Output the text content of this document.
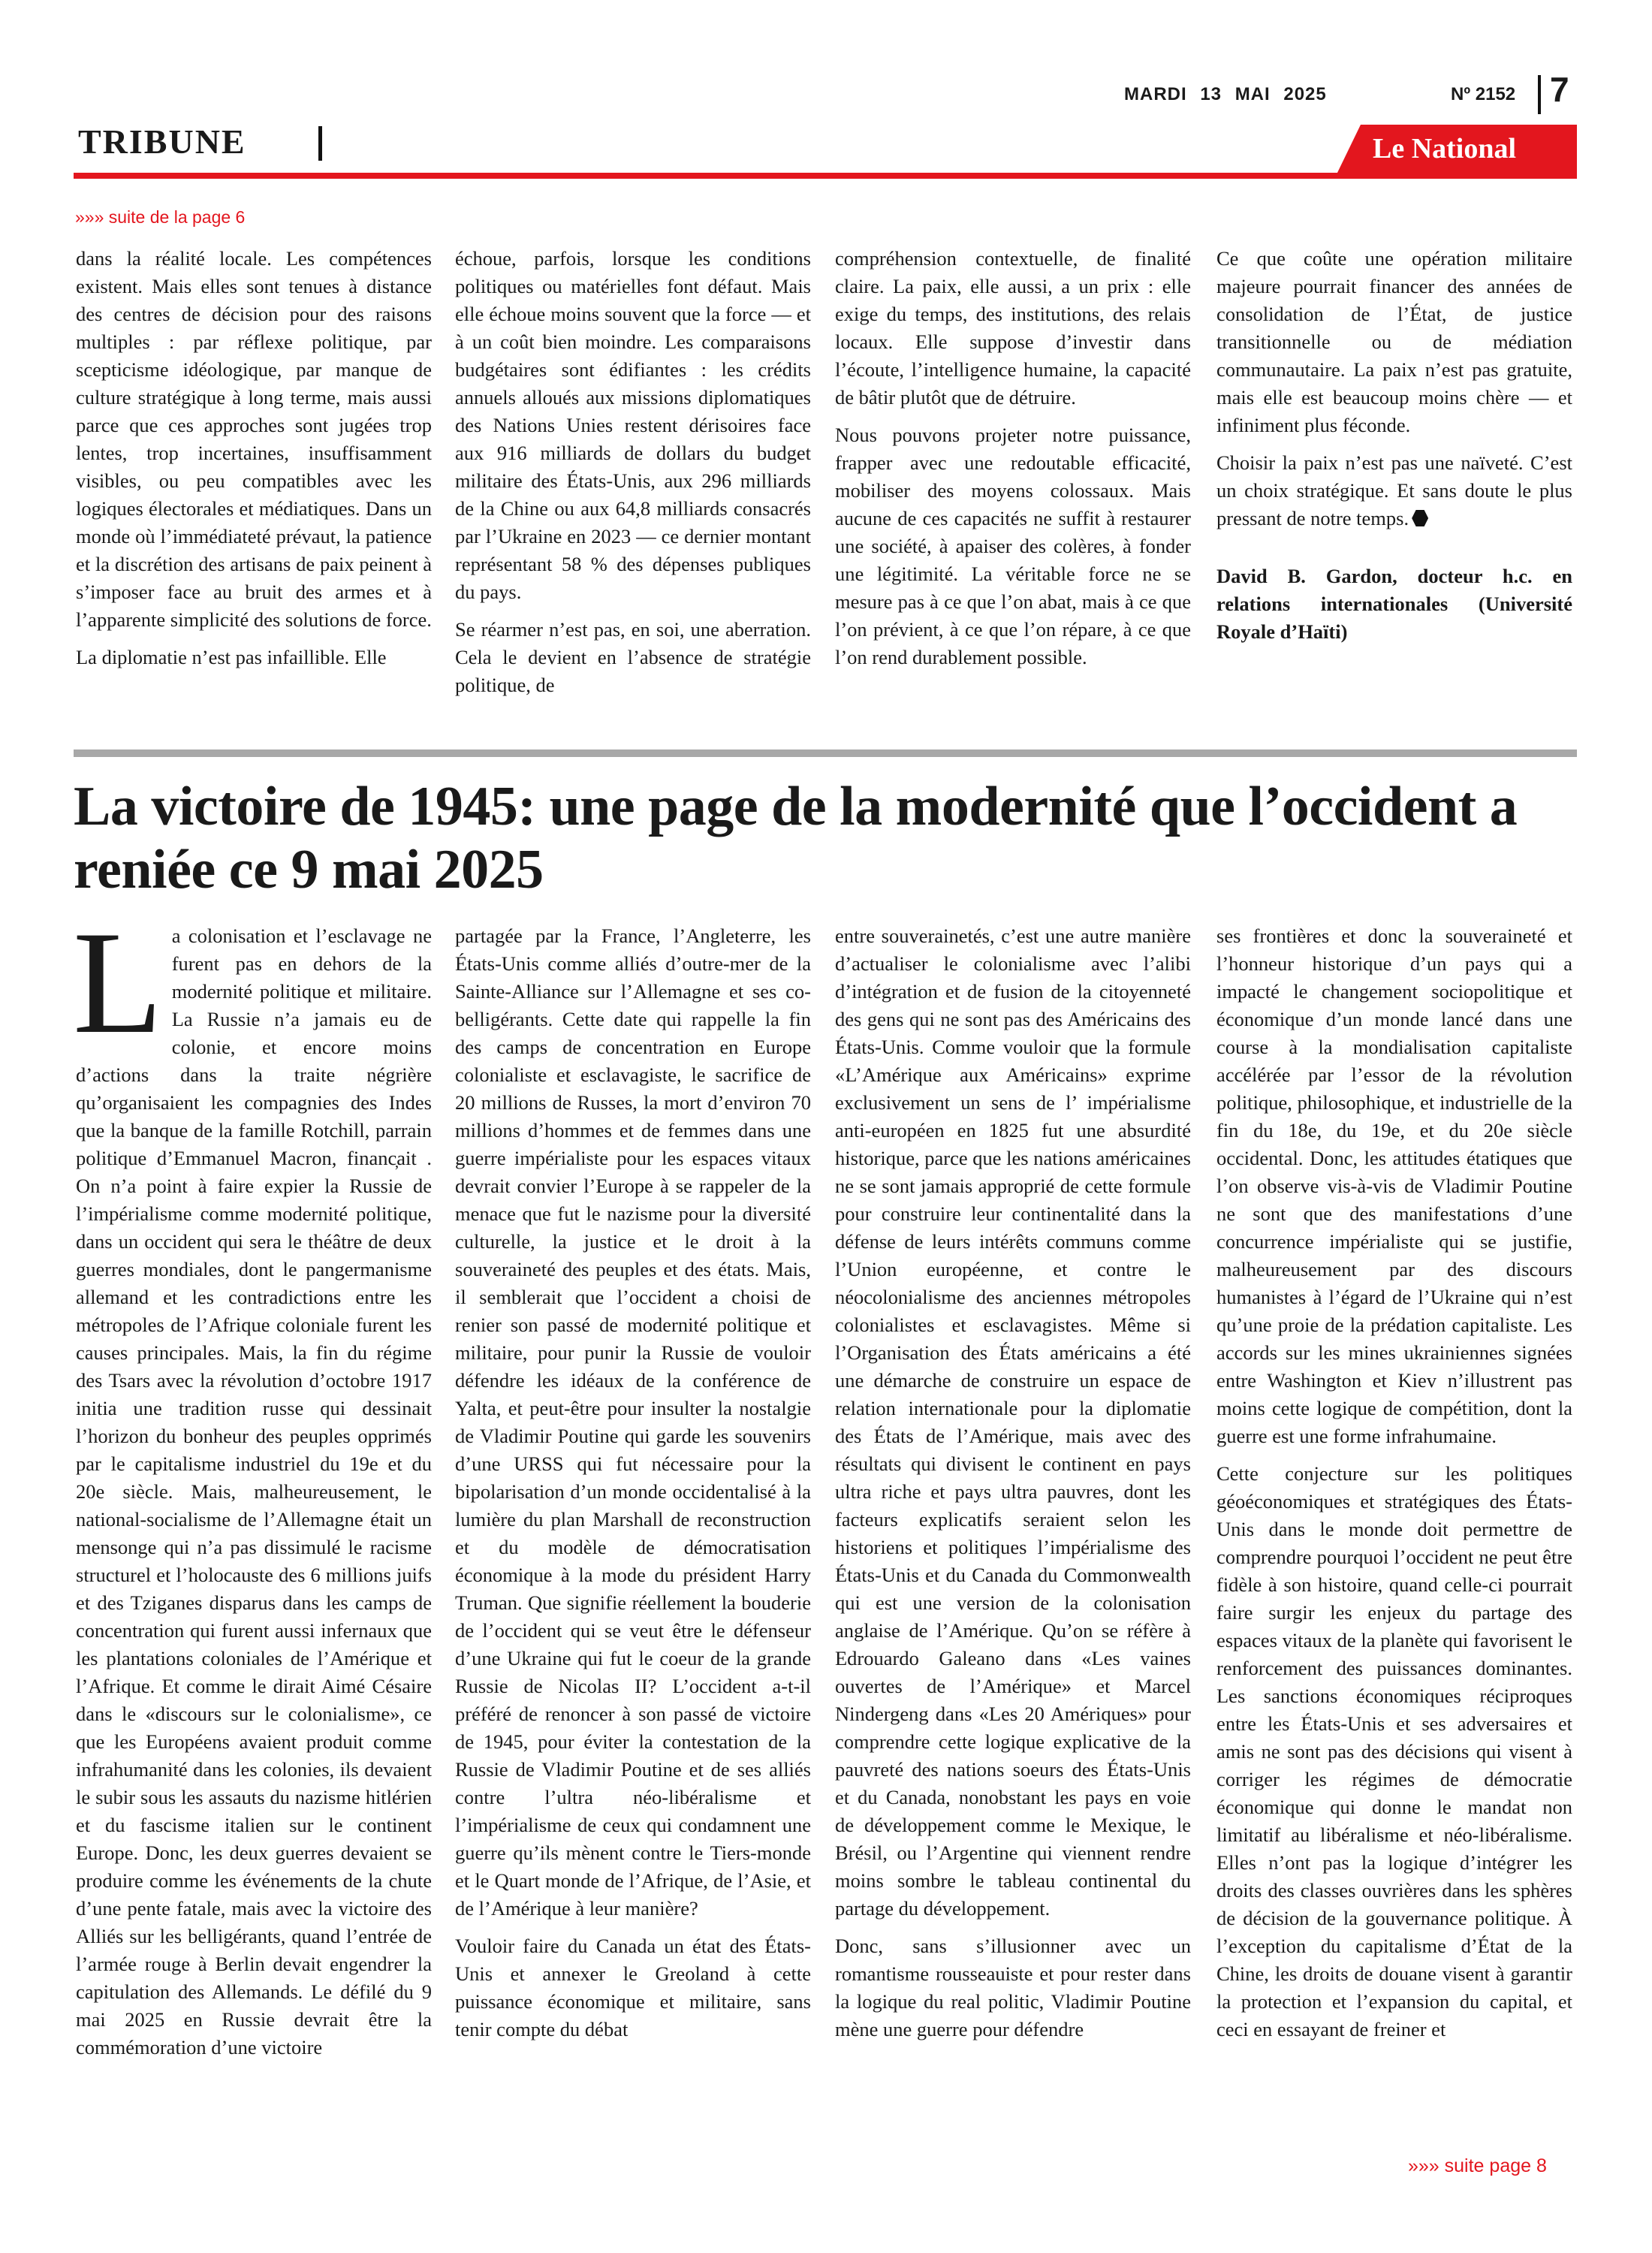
MARDI 13 MAI 2025	Nº 2152 7
TRIBUNE	Le National
»»» suite de la page 6

dans la réalité locale. Les compétences existent. Mais elles sont tenues à distance des centres de décision pour des raisons multiples : par réflexe politique, par scepticisme idéologique, par manque de culture stratégique à long terme, mais aussi parce que ces approches sont jugées trop lentes, trop incertaines, insuffisamment visibles, ou peu compatibles avec les logiques électorales et médiatiques. Dans un monde où l’immédiateté prévaut, la patience et la discrétion des artisans de paix peinent à s’imposer face au bruit des armes et à l’apparente simplicité des solutions de force.

La diplomatie n’est pas infaillible. Elle

échoue, parfois, lorsque les conditions politiques ou matérielles font défaut. Mais elle échoue moins souvent que la force — et à un coût bien moindre. Les comparaisons budgétaires sont édifiantes : les crédits annuels alloués aux missions diplomatiques des Nations Unies restent dérisoires face aux 916 milliards de dollars du budget militaire des États-Unis, aux 296 milliards de la Chine ou aux 64,8 milliards consacrés par l’Ukraine en 2023 — ce dernier montant représentant 58 % des dépenses publiques du pays.

Se réarmer n’est pas, en soi, une aberration. Cela le devient en l’absence de stratégie politique, de

compréhension contextuelle, de finalité claire. La paix, elle aussi, a un prix : elle exige du temps, des institutions, des relais locaux. Elle suppose d’investir dans l’écoute, l’intelligence humaine, la capacité de bâtir plutôt que de détruire.

Nous pouvons projeter notre puissance, frapper avec une redoutable efficacité, mobiliser des moyens colossaux. Mais aucune de ces capacités ne suffit à restaurer une société, à apaiser des colères, à fonder une légitimité. La véritable force ne se mesure pas à ce que l’on abat, mais à ce que l’on prévient, à ce que l’on répare, à ce que l’on rend durablement possible.

Ce que coûte une opération militaire majeure pourrait financer des années de consolidation de l’État, de justice transitionnelle ou de médiation communautaire. La paix n’est pas gratuite, mais elle est beaucoup moins chère — et infiniment plus féconde.

Choisir la paix n’est pas une naïveté. C’est un choix stratégique. Et sans doute le plus pressant de notre temps.

David B. Gardon, docteur h.c. en relations internationales (Université Royale d’Haïti)

La victoire de 1945: une page de la modernité que l’occident a reniée ce 9 mai 2025

La colonisation et l’esclavage ne furent pas en dehors de la modernité politique et militaire. La Russie n’a jamais eu de colonie, et encore moins d’actions dans la traite négrière qu’organisaient les compagnies des Indes que la banque de la famille Rotchill, parrain politique d’Emmanuel Macron, financ̦ait . On n’a point à faire expier la Russie de l’impérialisme comme modernité politique, dans un occident qui sera le théâtre de deux guerres mondiales, dont le pangermanisme allemand et les contradictions entre les métropoles de l’Afrique coloniale furent les causes principales. Mais, la fin du régime des Tsars avec la révolution d’octobre 1917 initia une tradition russe qui dessinait l’horizon du bonheur des peuples opprimés par le capitalisme industriel du 19e et du 20e siècle. Mais, malheureusement, le national-socialisme de l’Allemagne était un mensonge qui n’a pas dissimulé le racisme structurel et l’holocauste des 6 millions juifs et des Tziganes disparus dans les camps de concentration qui furent aussi infernaux que les plantations coloniales de l’Amérique et l’Afrique. Et comme le dirait Aimé Césaire dans le «discours sur le colonialisme», ce que les Européens avaient produit comme infrahumanité dans les colonies, ils devaient le subir sous les assauts du nazisme hitlérien et du fascisme italien sur le continent Europe. Donc, les deux guerres devaient se produire comme les événements de la chute d’une pente fatale, mais avec la victoire des Alliés sur les belligérants, quand l’entrée de l’armée rouge à Berlin devait engendrer la capitulation des Allemands. Le défilé du 9 mai 2025 en Russie devrait être la commémoration d’une victoire

partagée par la France, l’Angleterre, les États-Unis comme alliés d’outre-mer de la Sainte-Alliance sur l’Allemagne et ses co-belligérants. Cette date qui rappelle la fin des camps de concentration en Europe colonialiste et esclavagiste, le sacrifice de 20 millions de Russes, la mort d’environ 70 millions d’hommes et de femmes dans une guerre impérialiste pour les espaces vitaux devrait convier l’Europe à se rappeler de la menace que fut le nazisme pour la diversité culturelle, la justice et le droit à la souveraineté des peuples et des états. Mais, il semblerait que l’occident a choisi de renier son passé de modernité politique et militaire, pour punir la Russie de vouloir défendre les idéaux de la conférence de Yalta, et peut-être pour insulter la nostalgie de Vladimir Poutine qui garde les souvenirs d’une URSS qui fut nécessaire pour la bipolarisation d’un monde occidentalisé à la lumière du plan Marshall de reconstruction et du modèle de démocratisation économique à la mode du président Harry Truman. Que signifie réellement la bouderie de l’occident qui se veut être le défenseur d’une Ukraine qui fut le coeur de la grande Russie de Nicolas II? L’occident a-t-il préféré de renoncer à son passé de victoire de 1945, pour éviter la contestation de la Russie de Vladimir Poutine et de ses alliés contre l’ultra néo-libéralisme et l’impérialisme de ceux qui condamnent une guerre qu’ils mènent contre le Tiers-monde et le Quart monde de l’Afrique, de l’Asie, et de l’Amérique à leur manière?

Vouloir faire du Canada un état des États-Unis et annexer le Greoland à cette puissance économique et militaire, sans tenir compte du débat

entre souverainetés, c’est une autre manière d’actualiser le colonialisme avec l’alibi d’intégration et de fusion de la citoyenneté des gens qui ne sont pas des Américains des États-Unis. Comme vouloir que la formule «L’Amérique aux Américains» exprime exclusivement un sens de l’ impérialisme anti-européen en 1825 fut une absurdité historique, parce que les nations américaines ne se sont jamais approprié de cette formule pour construire leur continentalité dans la défense de leurs intérêts communs comme l’Union européenne, et contre le néocolonialisme des anciennes métropoles colonialistes et esclavagistes. Même si l’Organisation des États américains a été une démarche de construire un espace de relation internationale pour la diplomatie des États de l’Amérique, mais avec des résultats qui divisent le continent en pays ultra riche et pays ultra pauvres, dont les facteurs explicatifs seraient selon les historiens et politiques l’impérialisme des États-Unis et du Canada du Commonwealth qui est une version de la colonisation anglaise de l’Amérique. Qu’on se réfère à Edrouardo Galeano dans «Les vaines ouvertes de l’Amérique» et Marcel Nindergeng dans «Les 20 Amériques» pour comprendre cette logique explicative de la pauvreté des nations soeurs des États-Unis et du Canada, nonobstant les pays en voie de développement comme le Mexique, le Brésil, ou l’Argentine qui viennent rendre moins sombre le tableau continental du partage du développement.

Donc, sans s’illusionner avec un romantisme rousseauiste et pour rester dans la logique du real politic, Vladimir Poutine mène une guerre pour défendre

ses frontières et donc la souveraineté et l’honneur historique d’un pays qui a impacté le changement sociopolitique et économique d’un monde lancé dans une course à la mondialisation capitaliste accélérée par l’essor de la révolution politique, philosophique, et industrielle de la fin du 18e, du 19e, et du 20e siècle occidental. Donc, les attitudes étatiques que l’on observe vis-à-vis de Vladimir Poutine ne sont que des manifestations d’une concurrence impérialiste qui se justifie, malheureusement par des discours humanistes à l’égard de l’Ukraine qui n’est qu’une proie de la prédation capitaliste. Les accords sur les mines ukrainiennes signées entre Washington et Kiev n’illustrent pas moins cette logique de compétition, dont la guerre est une forme infrahumaine.

Cette conjecture sur les politiques géoéconomiques et stratégiques des États-Unis dans le monde doit permettre de comprendre pourquoi l’occident ne peut être fidèle à son histoire, quand celle-ci pourrait faire surgir les enjeux du partage des espaces vitaux de la planète qui favorisent le renforcement des puissances dominantes. Les sanctions économiques réciproques entre les États-Unis et ses adversaires et amis ne sont pas des décisions qui visent à corriger les régimes de démocratie économique qui donne le mandat non limitatif au libéralisme et néo-libéralisme. Elles n’ont pas la logique d’intégrer les droits des classes ouvrières dans les sphères de décision de la gouvernance politique. À l’exception du capitalisme d’État de la Chine, les droits de douane visent à garantir la protection et l’expansion du capital, et ceci en essayant de freiner et

»»» suite page 8
